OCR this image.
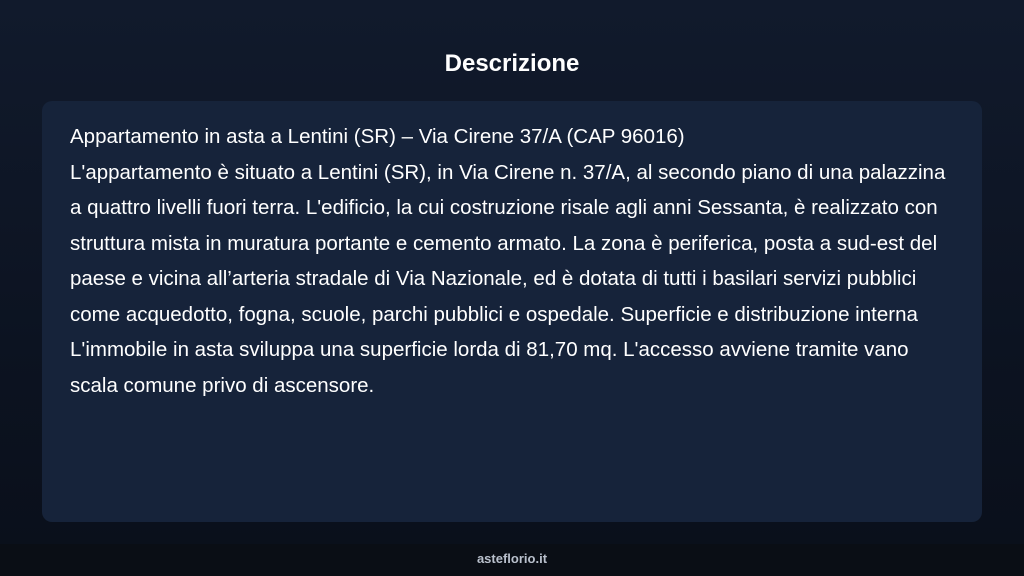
Descrizione

Appartamento in asta a Lentini (SR) – Via Cirene 37/A (CAP 96016)
L'appartamento è situato a Lentini (SR), in Via Cirene n. 37/A, al secondo piano di una palazzina a quattro livelli fuori terra. L'edificio, la cui costruzione risale agli anni Sessanta, è realizzato con struttura mista in muratura portante e cemento armato. La zona è periferica, posta a sud-est del paese e vicina all’arteria stradale di Via Nazionale, ed è dotata di tutti i basilari servizi pubblici come acquedotto, fogna, scuole, parchi pubblici e ospedale. Superficie e distribuzione interna L'immobile in asta sviluppa una superficie lorda di 81,70 mq. L'accesso avviene tramite vano scala comune privo di ascensore.

asteflorio.it
